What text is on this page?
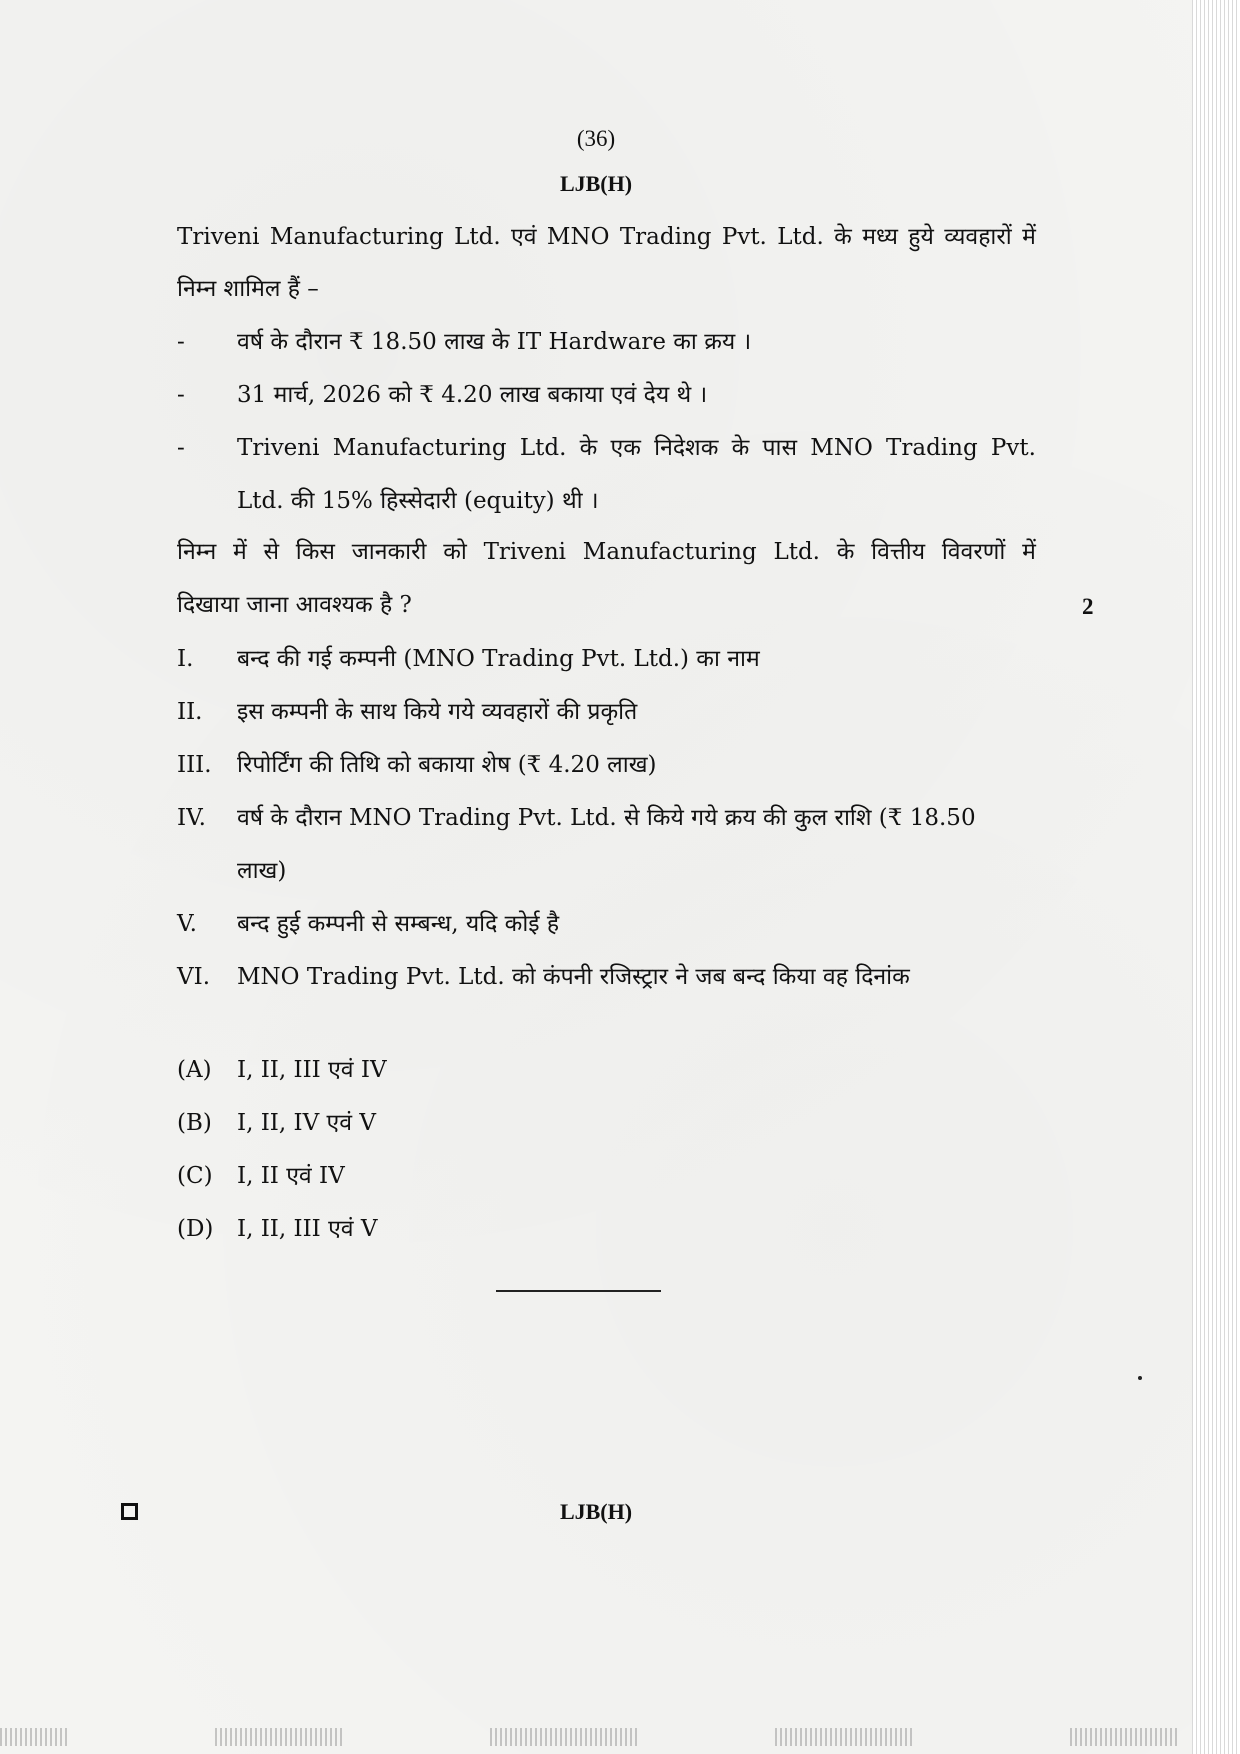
(36)
LJB(H)
Triveni Manufacturing Ltd. एवं MNO Trading Pvt. Ltd. के मध्य हुये व्यवहारों में
निम्न शामिल हैं –
- वर्ष के दौरान ₹ 18.50 लाख के IT Hardware का क्रय ।
- 31 मार्च, 2026 को ₹ 4.20 लाख बकाया एवं देय थे ।
- Triveni Manufacturing Ltd. के एक निदेशक के पास MNO Trading Pvt.
Ltd. की 15% हिस्सेदारी (equity) थी ।
निम्न में से किस जानकारी को Triveni Manufacturing Ltd. के वित्तीय विवरणों में
दिखाया जाना आवश्यक है ?	2
I. बन्द की गई कम्पनी (MNO Trading Pvt. Ltd.) का नाम
II. इस कम्पनी के साथ किये गये व्यवहारों की प्रकृति
III. रिपोर्टिंग की तिथि को बकाया शेष (₹ 4.20 लाख)
IV. वर्ष के दौरान MNO Trading Pvt. Ltd. से किये गये क्रय की कुल राशि (₹ 18.50
लाख)
V. बन्द हुई कम्पनी से सम्बन्ध, यदि कोई है
VI. MNO Trading Pvt. Ltd. को कंपनी रजिस्ट्रार ने जब बन्द किया वह दिनांक
(A) I, II, III एवं IV
(B) I, II, IV एवं V
(C) I, II एवं IV
(D) I, II, III एवं V
LJB(H)
